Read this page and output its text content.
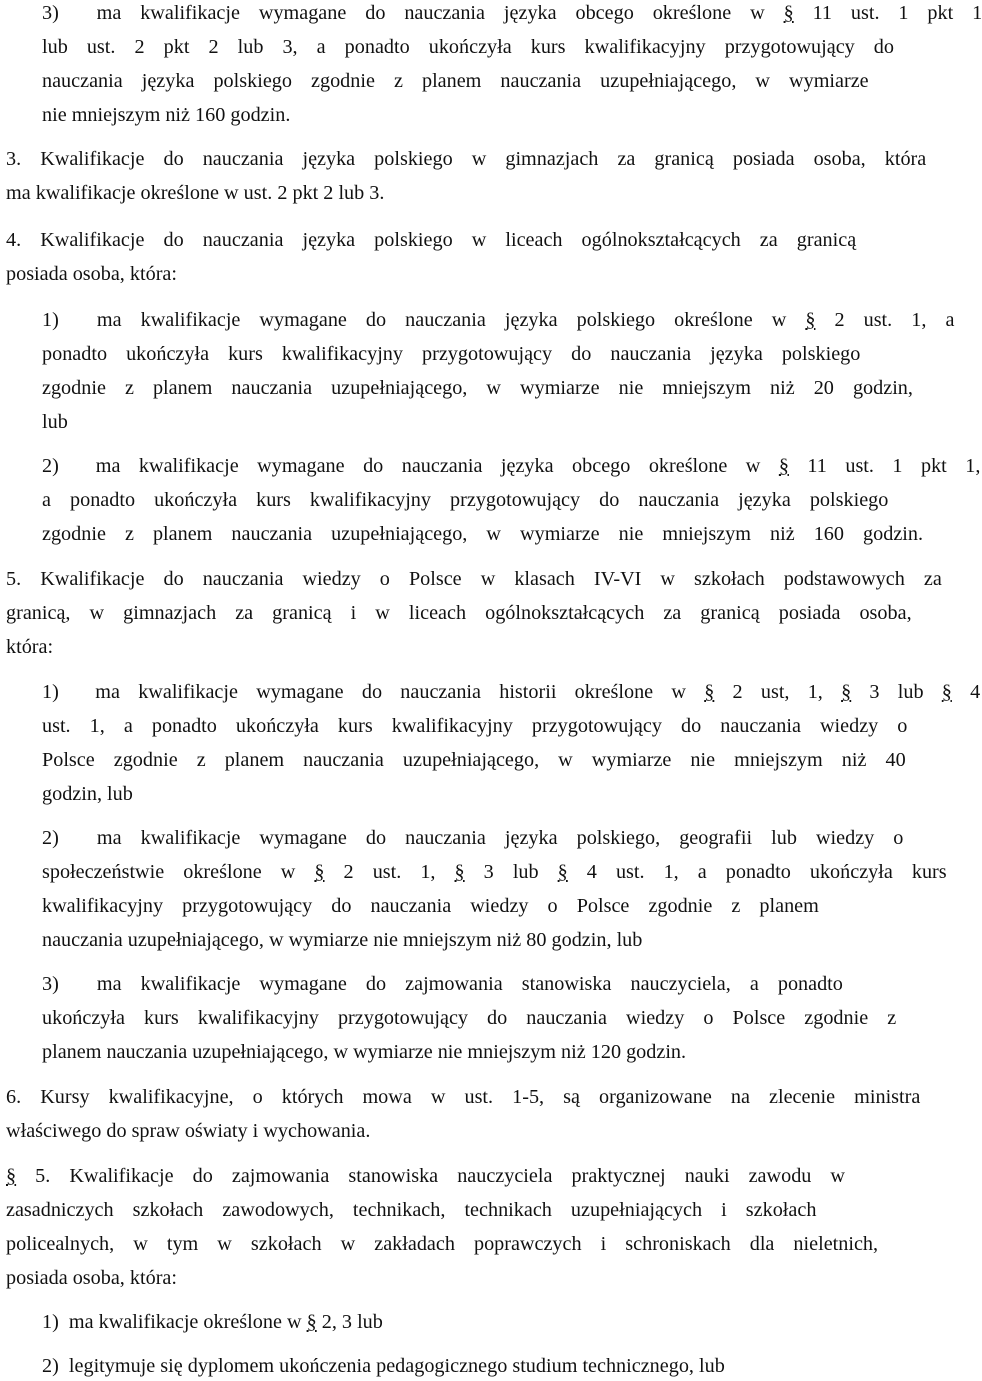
3)  ma kwalifikacje wymagane do nauczania języka obcego określone w § 11 ust. 1 pkt 1
lub ust. 2 pkt 2 lub 3, a ponadto ukończyła kurs kwalifikacyjny przygotowujący do
nauczania języka polskiego zgodnie z planem nauczania uzupełniającego, w wymiarze
nie mniejszym niż 160 godzin.
3. Kwalifikacje do nauczania języka polskiego w gimnazjach za granicą posiada osoba, która
ma kwalifikacje określone w ust. 2 pkt 2 lub 3.
4. Kwalifikacje do nauczania języka polskiego w liceach ogólnokształcących za granicą
posiada osoba, która:
1)  ma kwalifikacje wymagane do nauczania języka polskiego określone w § 2 ust. 1, a
ponadto ukończyła kurs kwalifikacyjny przygotowujący do nauczania języka polskiego
zgodnie z planem nauczania uzupełniającego, w wymiarze nie mniejszym niż 20 godzin,
lub
2)  ma kwalifikacje wymagane do nauczania języka obcego określone w § 11 ust. 1 pkt 1,
a ponadto ukończyła kurs kwalifikacyjny przygotowujący do nauczania języka polskiego
zgodnie z planem nauczania uzupełniającego, w wymiarze nie mniejszym niż 160 godzin.
5. Kwalifikacje do nauczania wiedzy o Polsce w klasach IV-VI w szkołach podstawowych za
granicą, w gimnazjach za granicą i w liceach ogólnokształcących za granicą posiada osoba,
która:
1)  ma kwalifikacje wymagane do nauczania historii określone w § 2 ust, 1, § 3 lub § 4
ust. 1, a ponadto ukończyła kurs kwalifikacyjny przygotowujący do nauczania wiedzy o
Polsce zgodnie z planem nauczania uzupełniającego, w wymiarze nie mniejszym niż 40
godzin, lub
2)  ma kwalifikacje wymagane do nauczania języka polskiego, geografii lub wiedzy o
społeczeństwie określone w § 2 ust. 1, § 3 lub § 4 ust. 1, a ponadto ukończyła kurs
kwalifikacyjny przygotowujący do nauczania wiedzy o Polsce zgodnie z planem
nauczania uzupełniającego, w wymiarze nie mniejszym niż 80 godzin, lub
3)  ma kwalifikacje wymagane do zajmowania stanowiska nauczyciela, a ponadto
ukończyła kurs kwalifikacyjny przygotowujący do nauczania wiedzy o Polsce zgodnie z
planem nauczania uzupełniającego, w wymiarze nie mniejszym niż 120 godzin.
6. Kursy kwalifikacyjne, o których mowa w ust. 1-5, są organizowane na zlecenie ministra
właściwego do spraw oświaty i wychowania.
§ 5. Kwalifikacje do zajmowania stanowiska nauczyciela praktycznej nauki zawodu w
zasadniczych szkołach zawodowych, technikach, technikach uzupełniających i szkołach
policealnych, w tym w szkołach w zakładach poprawczych i schroniskach dla nieletnich,
posiada osoba, która:
1)  ma kwalifikacje określone w § 2, 3 lub
2)  legitymuje się dyplomem ukończenia pedagogicznego studium technicznego, lub
